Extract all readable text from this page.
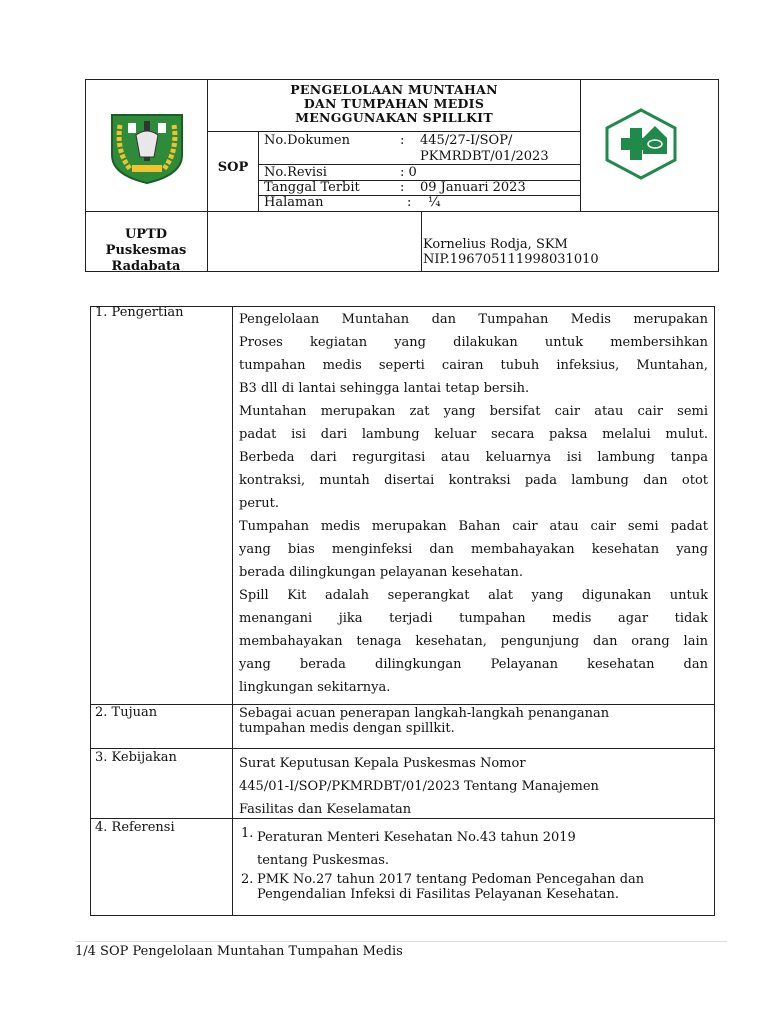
PENGELOLAAN MUNTAHAN
DAN TUMPAHAN MEDIS
MENGGUNAKAN SPILLKIT
SOP
No.Dokumen	: 445/27-I/SOP/
PKMRDBT/01/2023
No.Revisi	: 0
Tanggal Terbit	: 09 Januari 2023
Halaman	: ¼
UPTD
Puskesmas
Radabata
Kornelius Rodja, SKM
NIP.196705111998031010
1. Pengertian	Pengelolaan Muntahan dan Tumpahan Medis merupakan
Proses kegiatan yang dilakukan untuk membersihkan
tumpahan medis seperti cairan tubuh infeksius, Muntahan,
B3 dll di lantai sehingga lantai tetap bersih.
Muntahan merupakan zat yang bersifat cair atau cair semi
padat isi dari lambung keluar secara paksa melalui mulut.
Berbeda dari regurgitasi atau keluarnya isi lambung tanpa
kontraksi, muntah disertai kontraksi pada lambung dan otot
perut.
Tumpahan medis merupakan Bahan cair atau cair semi padat
yang bias menginfeksi dan membahayakan kesehatan yang
berada dilingkungan pelayanan kesehatan.
Spill Kit adalah seperangkat alat yang digunakan untuk
menangani jika terjadi tumpahan medis agar tidak
membahayakan tenaga kesehatan, pengunjung dan orang lain
yang berada dilingkungan Pelayanan kesehatan dan
lingkungan sekitarnya.
2. Tujuan	Sebagai acuan penerapan langkah-langkah penanganan
tumpahan medis dengan spillkit.
3. Kebijakan	Surat Keputusan Kepala Puskesmas Nomor
445/01-I/SOP/PKMRDBT/01/2023 Tentang Manajemen
Fasilitas dan Keselamatan
4. Referensi	1. Peraturan Menteri Kesehatan No.43 tahun 2019
tentang Puskesmas.
2. PMK No.27 tahun 2017 tentang Pedoman Pencegahan dan
Pengendalian Infeksi di Fasilitas Pelayanan Kesehatan.
1/4 SOP Pengelolaan Muntahan Tumpahan Medis
